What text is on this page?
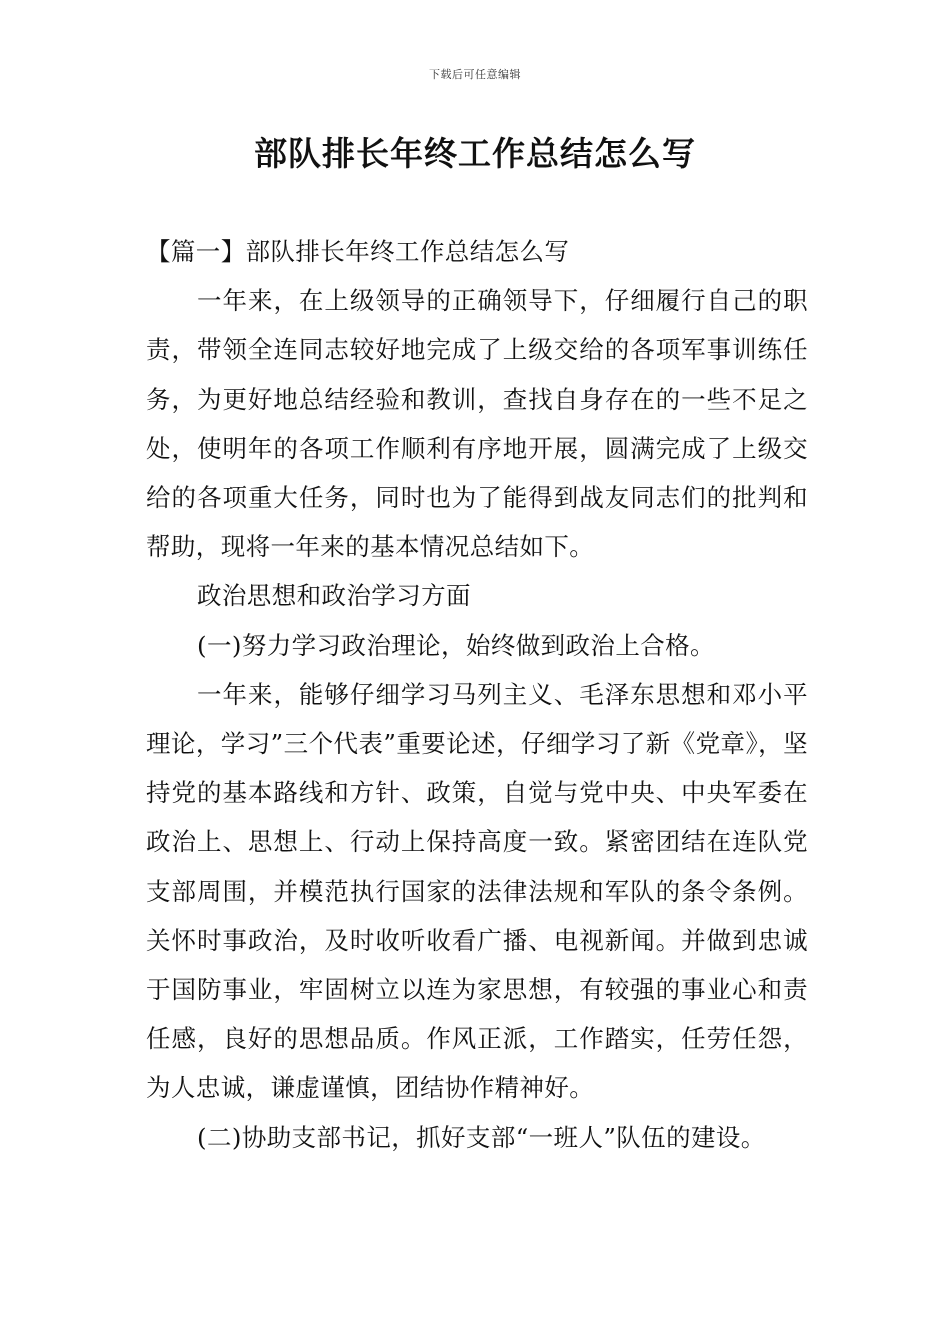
下载后可任意编辑
部队排长年终工作总结怎么写

【篇一】部队排长年终工作总结怎么写

一年来，在上级领导的正确领导下，仔细履行自己的职责，带领全连同志较好地完成了上级交给的各项军事训练任务，为更好地总结经验和教训，查找自身存在的一些不足之处，使明年的各项工作顺利有序地开展，圆满完成了上级交给的各项重大任务，同时也为了能得到战友同志们的批判和帮助，现将一年来的基本情况总结如下。

政治思想和政治学习方面

(一)努力学习政治理论，始终做到政治上合格。

一年来，能够仔细学习马列主义、毛泽东思想和邓小平理论，学习”三个代表”重要论述，仔细学习了新《党章》，坚持党的基本路线和方针、政策，自觉与党中央、中央军委在政治上、思想上、行动上保持高度一致。紧密团结在连队党支部周围，并模范执行国家的法律法规和军队的条令条例。关怀时事政治，及时收听收看广播、电视新闻。并做到忠诚于国防事业，牢固树立以连为家思想，有较强的事业心和责任感，良好的思想品质。作风正派，工作踏实，任劳任怨，为人忠诚，谦虚谨慎，团结协作精神好。

(二)协助支部书记，抓好支部“一班人”队伍的建设。
